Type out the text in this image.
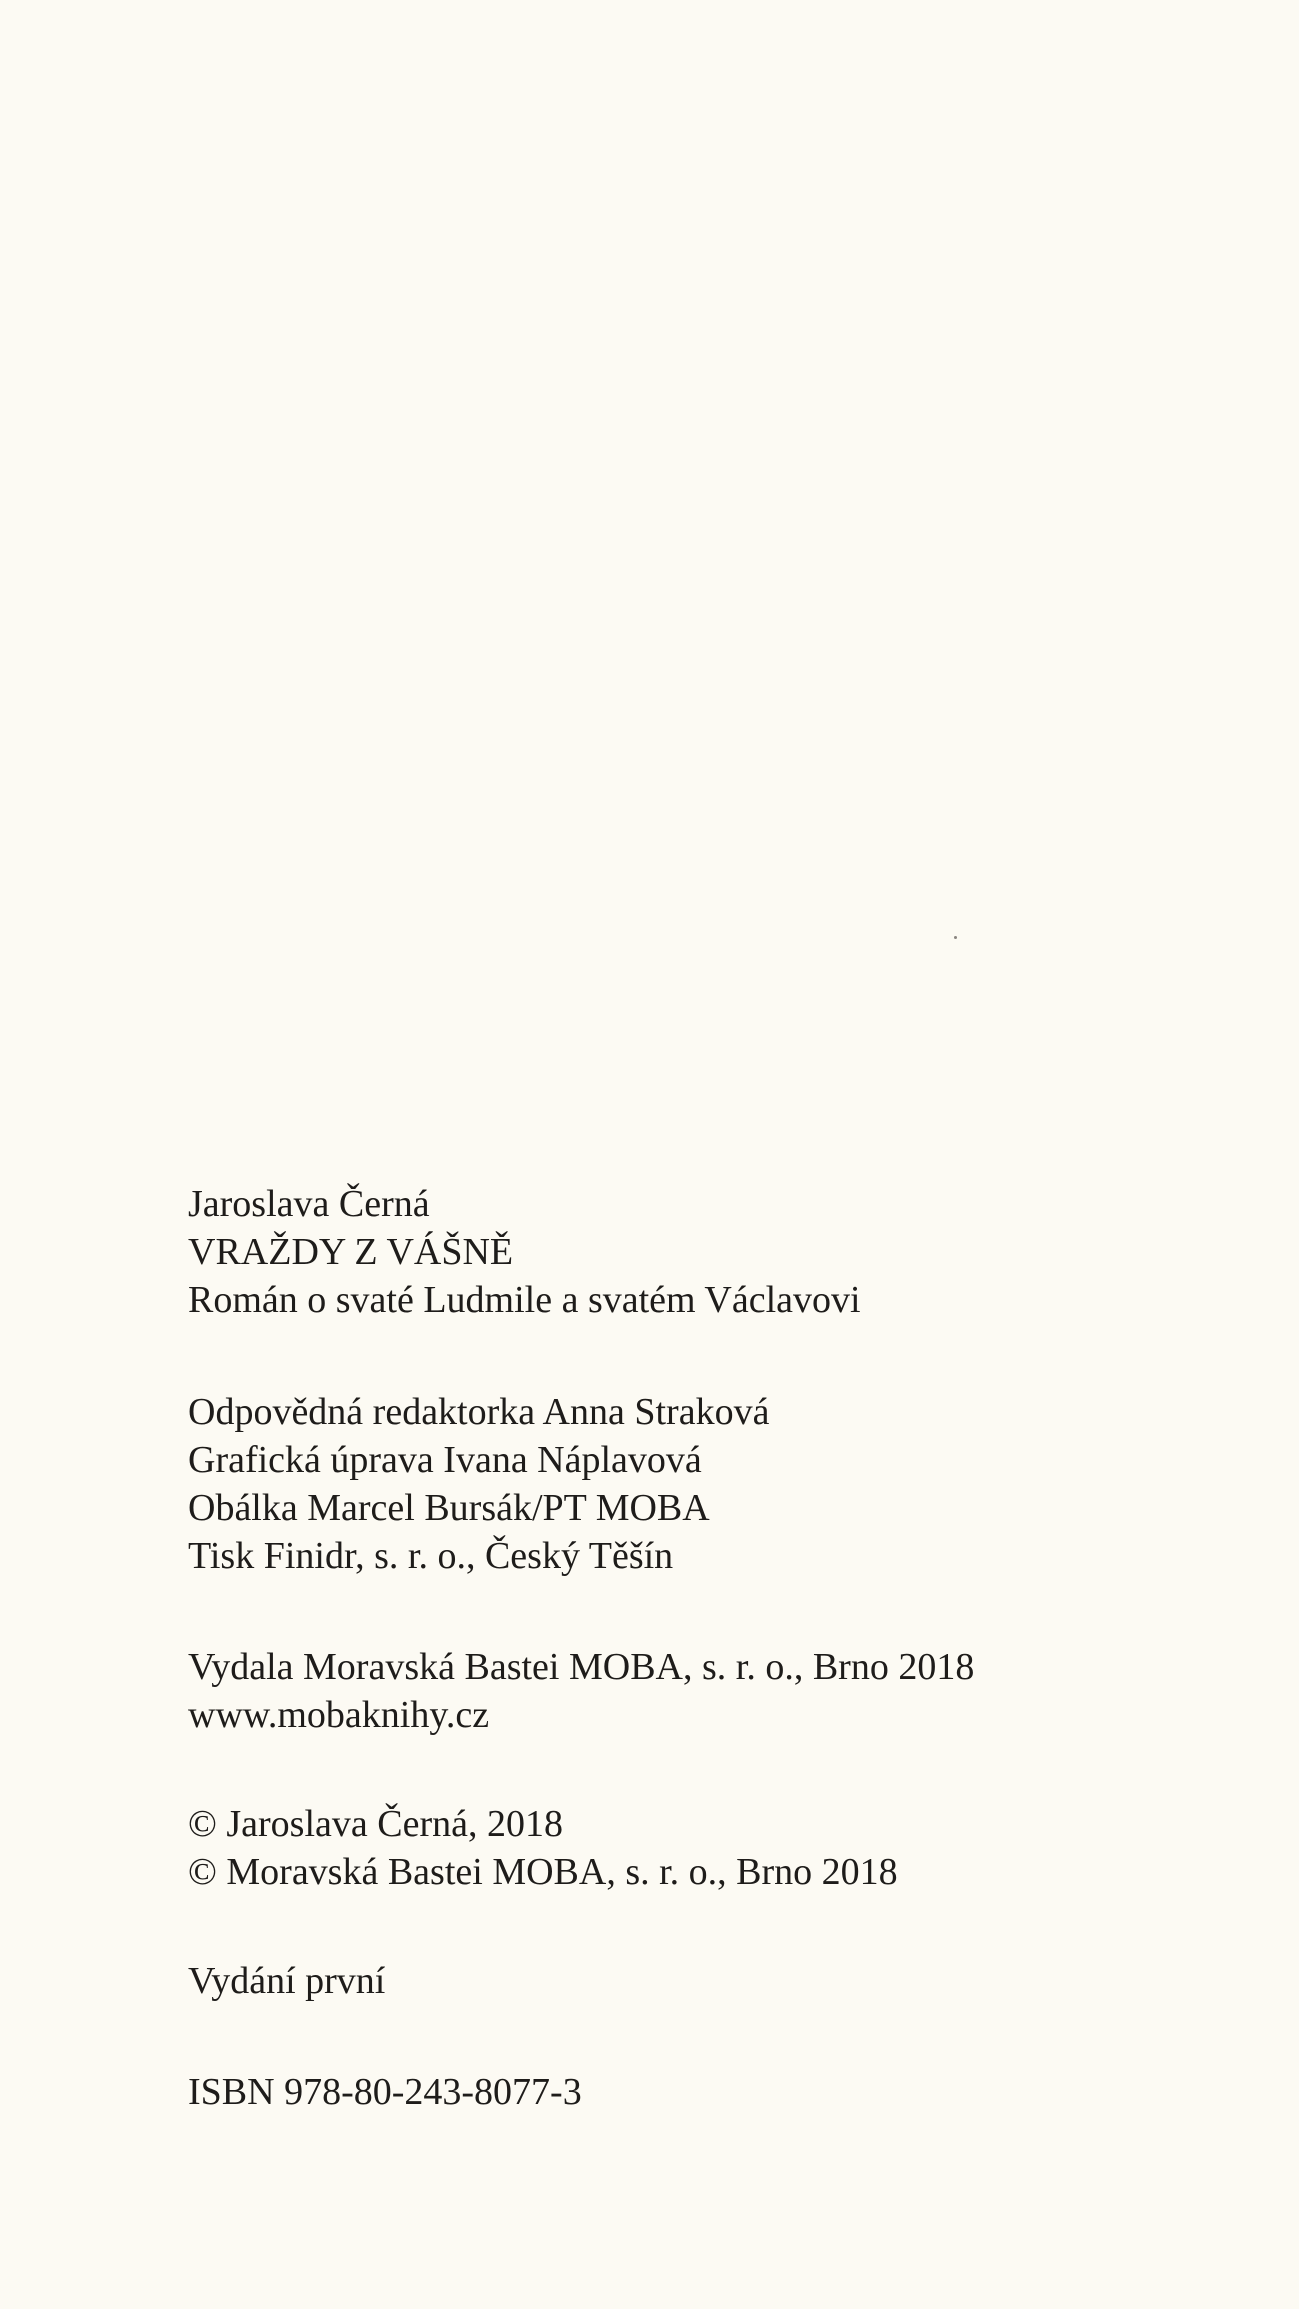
Jaroslava Černá
VRAŽDY Z VÁŠNĚ
Román o svaté Ludmile a svatém Václavovi
Odpovědná redaktorka Anna Straková
Grafická úprava Ivana Náplavová
Obálka Marcel Bursák/PT MOBA
Tisk Finidr, s. r. o., Český Těšín
Vydala Moravská Bastei MOBA, s. r. o., Brno 2018
www.mobaknihy.cz
© Jaroslava Černá, 2018
© Moravská Bastei MOBA, s. r. o., Brno 2018
Vydání první
ISBN 978-80-243-8077-3
